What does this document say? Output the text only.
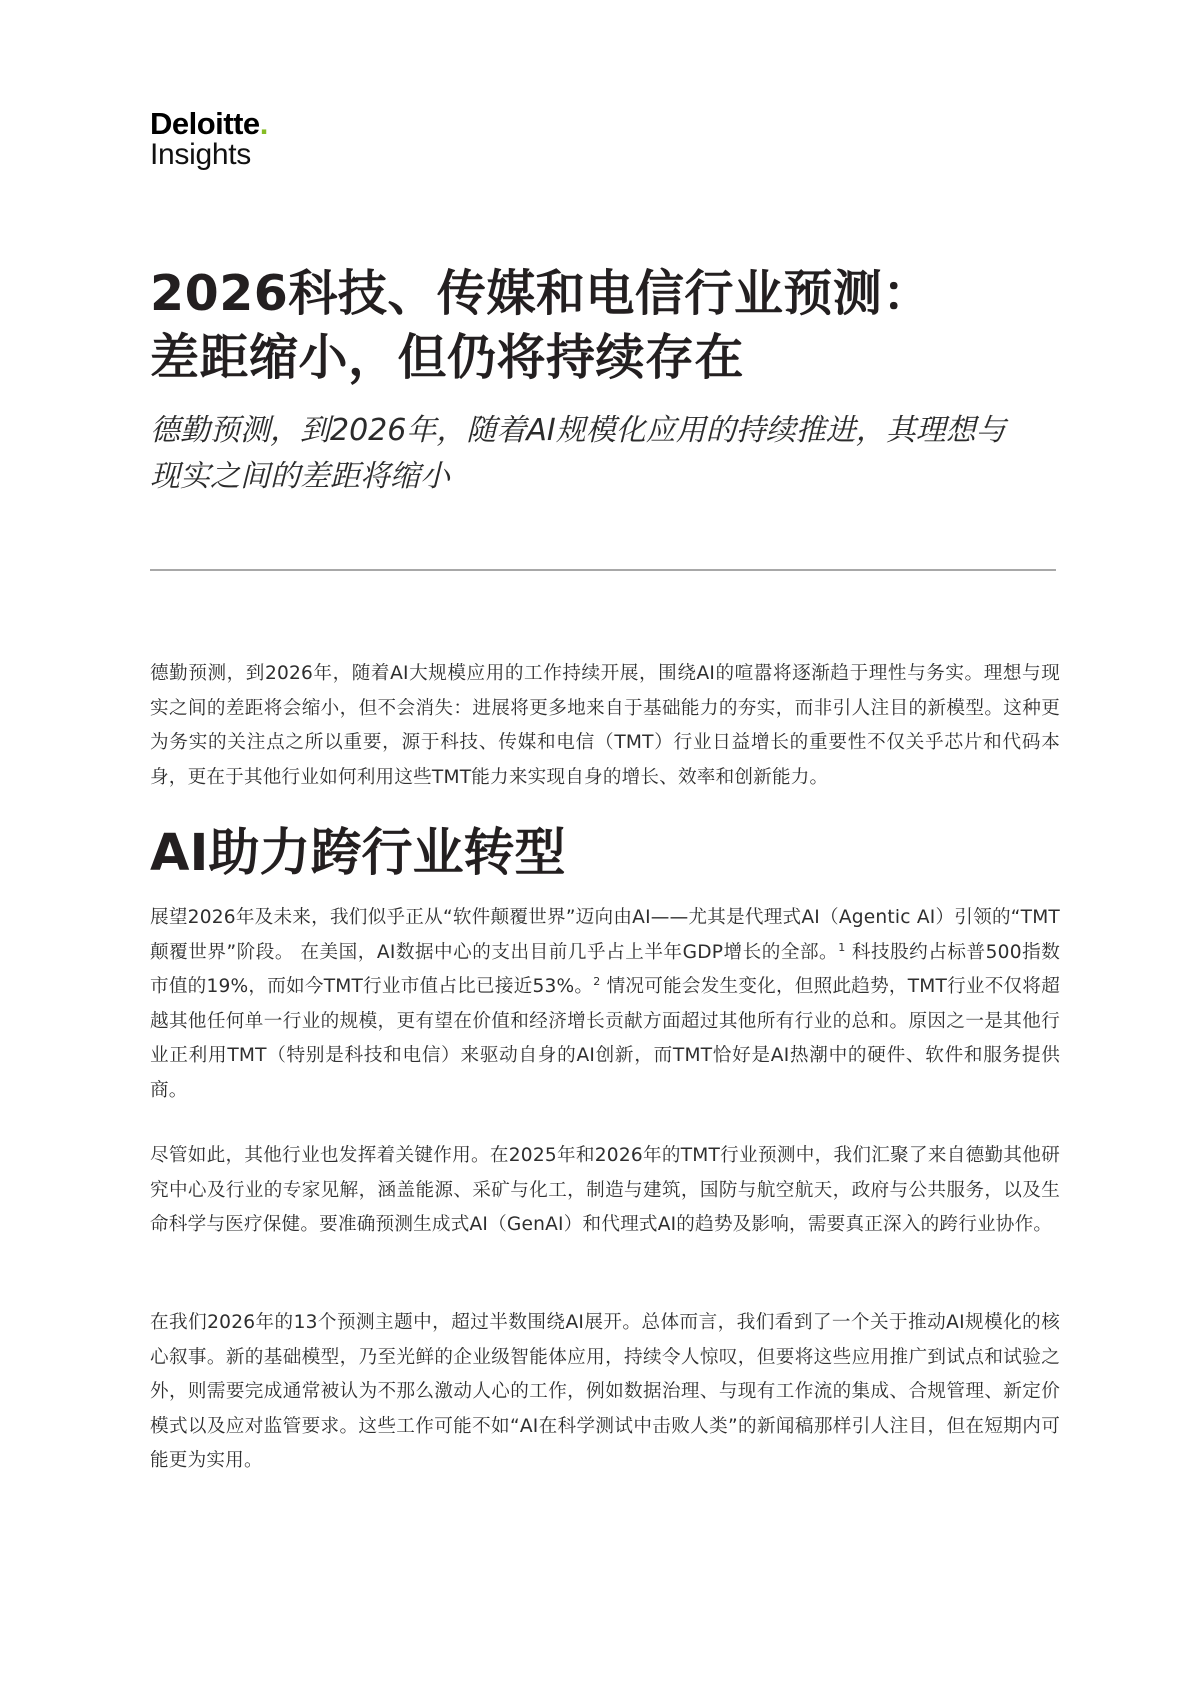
Deloitte.
Insights
2026科技、传媒和电信行业预测：
差距缩小，但仍将持续存在

德勤预测，到2026年，随着AI规模化应用的持续推进，其理想与
现实之间的差距将缩小

德勤预测，到2026年，随着AI大规模应用的工作持续开展，围绕AI的喧嚣将逐渐趋于理性与务实。理想与现实之间的差距将会缩小，但不会消失：进展将更多地来自于基础能力的夯实，而非引人注目的新模型。这种更为务实的关注点之所以重要，源于科技、传媒和电信（TMT）行业日益增长的重要性不仅关乎芯片和代码本身，更在于其他行业如何利用这些TMT能力来实现自身的增长、效率和创新能力。

AI助力跨行业转型

展望2026年及未来，我们似乎正从“软件颠覆世界”迈向由AI——尤其是代理式AI（Agentic AI）引领的“TMT颠覆世界”阶段。 在美国，AI数据中心的支出目前几乎占上半年GDP增长的全部。$^1$ 科技股约占标普500指数市值的19%，而如今TMT行业市值占比已接近53%。$^2$ 情况可能会发生变化，但照此趋势，TMT行业不仅将超越其他任何单一行业的规模，更有望在价值和经济增长贡献方面超过其他所有行业的总和。原因之一是其他行业正利用TMT（特别是科技和电信）来驱动自身的AI创新，而TMT恰好是AI热潮中的硬件、软件和服务提供商。

尽管如此，其他行业也发挥着关键作用。在2025年和2026年的TMT行业预测中，我们汇聚了来自德勤其他研究中心及行业的专家见解，涵盖能源、采矿与化工，制造与建筑，国防与航空航天，政府与公共服务，以及生命科学与医疗保健。要准确预测生成式AI（GenAI）和代理式AI的趋势及影响，需要真正深入的跨行业协作。

在我们2026年的13个预测主题中，超过半数围绕AI展开。总体而言，我们看到了一个关于推动AI规模化的核心叙事。新的基础模型，乃至光鲜的企业级智能体应用，持续令人惊叹，但要将这些应用推广到试点和试验之外，则需要完成通常被认为不那么激动人心的工作，例如数据治理、与现有工作流的集成、合规管理、新定价模式以及应对监管要求。这些工作可能不如“AI在科学测试中击败人类”的新闻稿那样引人注目，但在短期内可能更为实用。
